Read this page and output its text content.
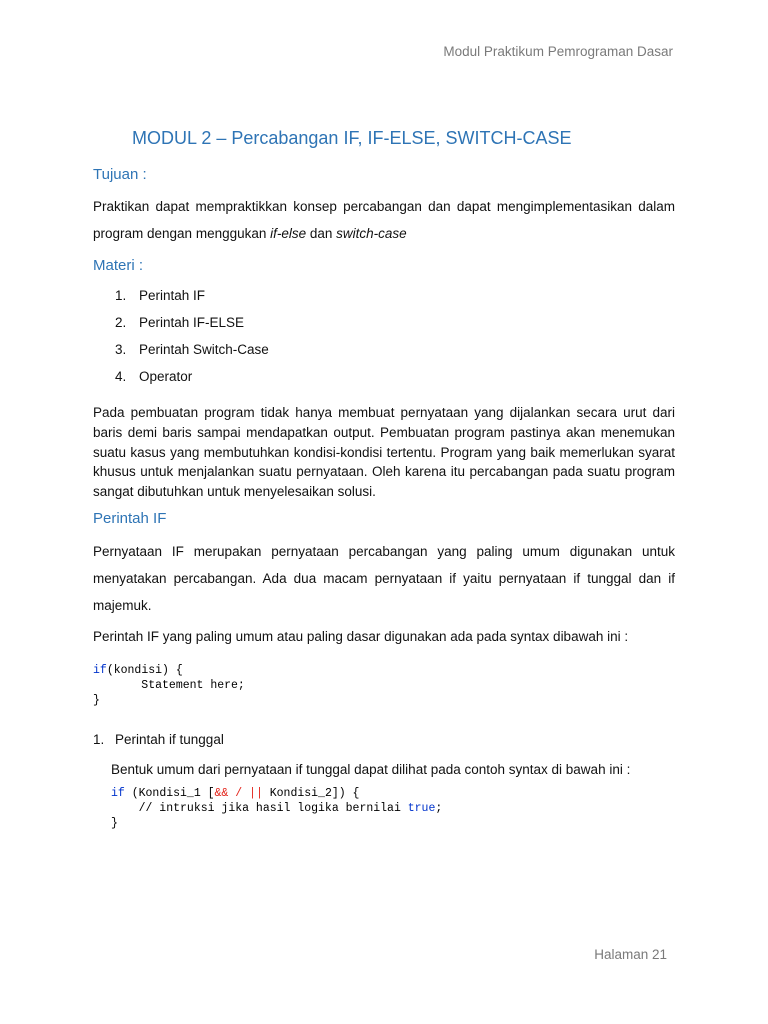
Modul Praktikum Pemrograman Dasar
MODUL 2 – Percabangan IF, IF-ELSE, SWITCH-CASE
Tujuan :
Praktikan dapat mempraktikkan konsep percabangan dan dapat mengimplementasikan dalam program dengan menggukan if-else dan switch-case
Materi :
1. Perintah IF
2. Perintah IF-ELSE
3. Perintah Switch-Case
4. Operator
Pada pembuatan program tidak hanya membuat pernyataan yang dijalankan secara urut dari baris demi baris sampai mendapatkan output. Pembuatan program pastinya akan menemukan suatu kasus yang membutuhkan kondisi-kondisi tertentu. Program yang baik memerlukan syarat khusus untuk menjalankan suatu pernyataan. Oleh karena itu percabangan pada suatu program sangat dibutuhkan untuk menyelesaikan solusi.
Perintah IF
Pernyataan IF merupakan pernyataan percabangan yang paling umum digunakan untuk menyatakan percabangan. Ada dua macam pernyataan if yaitu pernyataan if tunggal dan if majemuk.
Perintah IF yang paling umum atau paling dasar digunakan ada pada syntax dibawah ini :
if(kondisi) {
Statement here;
}
1. Perintah if tunggal
Bentuk umum dari pernyataan if tunggal dapat dilihat pada contoh syntax di bawah ini :
if (Kondisi_1 [&& / || Kondisi_2]) {
// intruksi jika hasil logika bernilai true;
}
Halaman 21
